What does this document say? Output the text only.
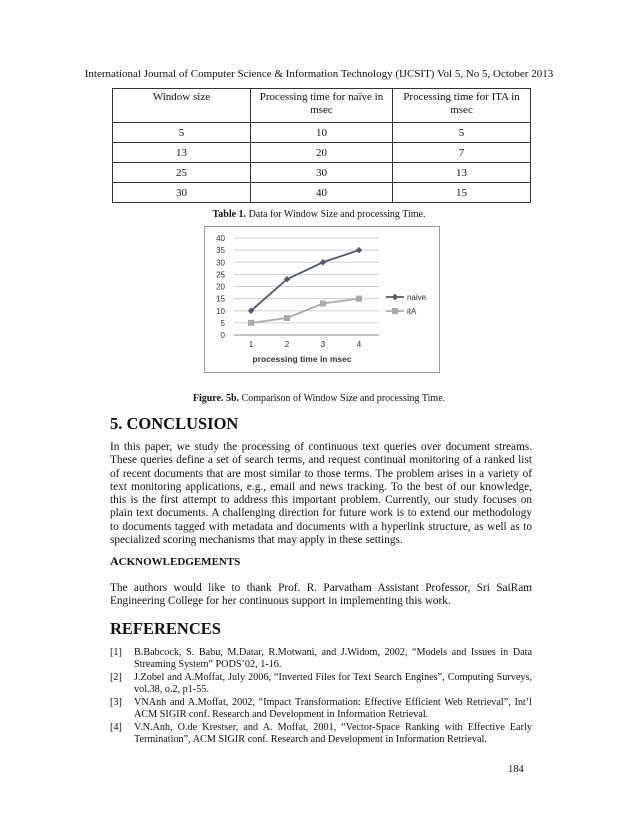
International Journal of Computer Science & Information Technology (IJCSIT) Vol 5, No 5, October 2013
Window size	Processing time for naïve in msec	Processing time for ITA in msec
5	10	5
13	20	7
25	30	13
30	40	15
Table 1. Data for Window Size and processing Time.
0
5
10
15
20
25
30
35
40
1	2	3	4
naive
itA
processing time in msec
Figure. 5b. Comparison of Window Size and processing Time.
5. CONCLUSION
In this paper, we study the processing of continuous text queries over document streams. These queries define a set of search terms, and request continual monitoring of a ranked list of recent documents that are most similar to those terms. The problem arises in a variety of text monitoring applications, e.g., email and news tracking. To the best of our knowledge, this is the first attempt to address this important problem. Currently, our study focuses on plain text documents. A challenging direction for future work is to extend our methodology to documents tagged with metadata and documents with a hyperlink structure, as well as to specialized scoring mechanisms that may apply in these settings.
ACKNOWLEDGEMENTS
The authors would like to thank Prof. R. Parvatham Assistant Professor, Sri SaiRam Engineering College for her continuous support in implementing this work.
REFERENCES
[1] B.Babcock, S. Babu, M.Datar, R.Motwani, and J.Widom, 2002, “Models and Issues in Data Streaming System” PODS’02, 1-16.
[2] J.Zobel and A.Moffat, July 2006, “Inverted Files for Text Search Engines”, Computing Surveys, vol.38, o.2, p1-55.
[3] VNAnh and A.Moffat, 2002, “Impact Transformation: Effective Efficient Web Retrieval”, Int’l ACM SIGIR conf. Research and Development in Information Retrieval.
[4] V.N.Anh, O.de Krestser, and A. Moffat, 2001, “Vector-Space Ranking with Effective Early Termination”, ACM SIGIR conf. Research and Development in Information Retrieval.
184
